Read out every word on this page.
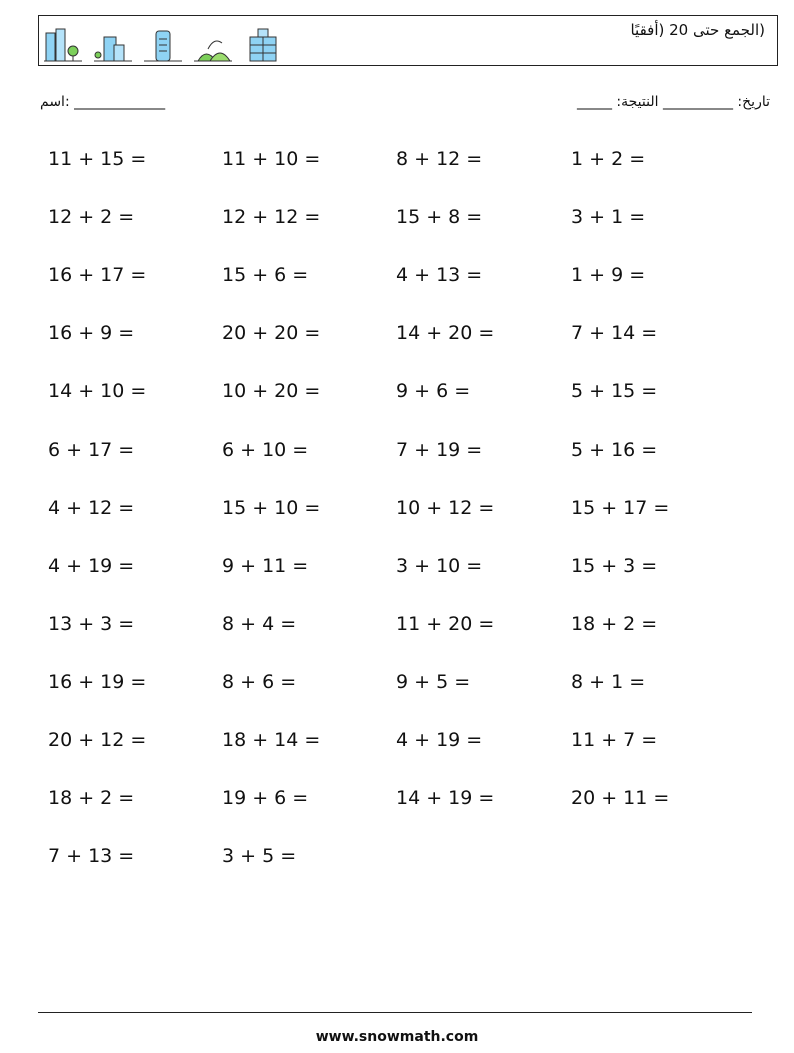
(الجمع حتى 20 (أفقيًا
اسم: _____________	_____ :تاريخ: __________ النتيجة
11 + 15 =	11 + 10 =	8 + 12 =	1 + 2 =
12 + 2 =	12 + 12 =	15 + 8 =	3 + 1 =
16 + 17 =	15 + 6 =	4 + 13 =	1 + 9 =
16 + 9 =	20 + 20 =	14 + 20 =	7 + 14 =
14 + 10 =	10 + 20 =	9 + 6 =	5 + 15 =
6 + 17 =	6 + 10 =	7 + 19 =	5 + 16 =
4 + 12 =	15 + 10 =	10 + 12 =	15 + 17 =
4 + 19 =	9 + 11 =	3 + 10 =	15 + 3 =
13 + 3 =	8 + 4 =	11 + 20 =	18 + 2 =
16 + 19 =	8 + 6 =	9 + 5 =	8 + 1 =
20 + 12 =	18 + 14 =	4 + 19 =	11 + 7 =
18 + 2 =	19 + 6 =	14 + 19 =	20 + 11 =
7 + 13 =	3 + 5 =
www.snowmath.com
